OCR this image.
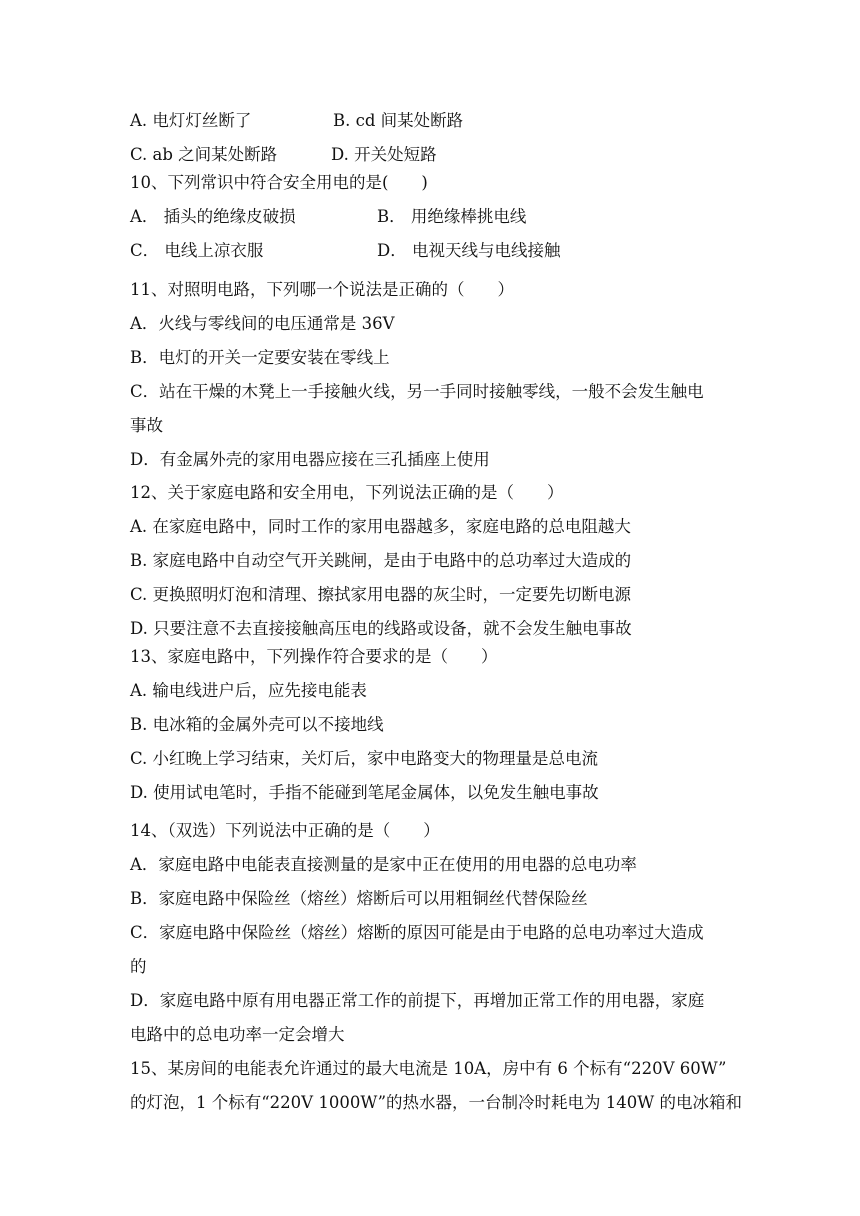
A. 电灯灯丝断了	B. cd 间某处断路
C. ab 之间某处断路	D. 开关处短路
10、下列常识中符合安全用电的是(　　)
A． 插头的绝缘皮破损	B． 用绝缘棒挑电线
C． 电线上凉衣服	D． 电视天线与电线接触
11、对照明电路，下列哪一个说法是正确的（　　）
A．火线与零线间的电压通常是 36V
B．电灯的开关一定要安装在零线上
C．站在干燥的木凳上一手接触火线，另一手同时接触零线，一般不会发生触电
事故
D．有金属外壳的家用电器应接在三孔插座上使用
12、关于家庭电路和安全用电，下列说法正确的是（　　）
A. 在家庭电路中，同时工作的家用电器越多，家庭电路的总电阻越大
B. 家庭电路中自动空气开关跳闸，是由于电路中的总功率过大造成的
C. 更换照明灯泡和清理、擦拭家用电器的灰尘时，一定要先切断电源
D. 只要注意不去直接接触高压电的线路或设备，就不会发生触电事故
13、家庭电路中，下列操作符合要求的是（　　）
A. 输电线进户后，应先接电能表
B. 电冰箱的金属外壳可以不接地线
C. 小红晚上学习结束，关灯后，家中电路变大的物理量是总电流
D. 使用试电笔时，手指不能碰到笔尾金属体，以免发生触电事故
14、（双选）下列说法中正确的是（　　）
A．家庭电路中电能表直接测量的是家中正在使用的用电器的总电功率
B．家庭电路中保险丝（熔丝）熔断后可以用粗铜丝代替保险丝
C．家庭电路中保险丝（熔丝）熔断的原因可能是由于电路的总电功率过大造成
的
D．家庭电路中原有用电器正常工作的前提下，再增加正常工作的用电器，家庭
电路中的总电功率一定会增大
15、某房间的电能表允许通过的最大电流是 10A，房中有 6 个标有“220V 60W”
的灯泡，1 个标有“220V 1000W”的热水器，一台制冷时耗电为 140W 的电冰箱和
